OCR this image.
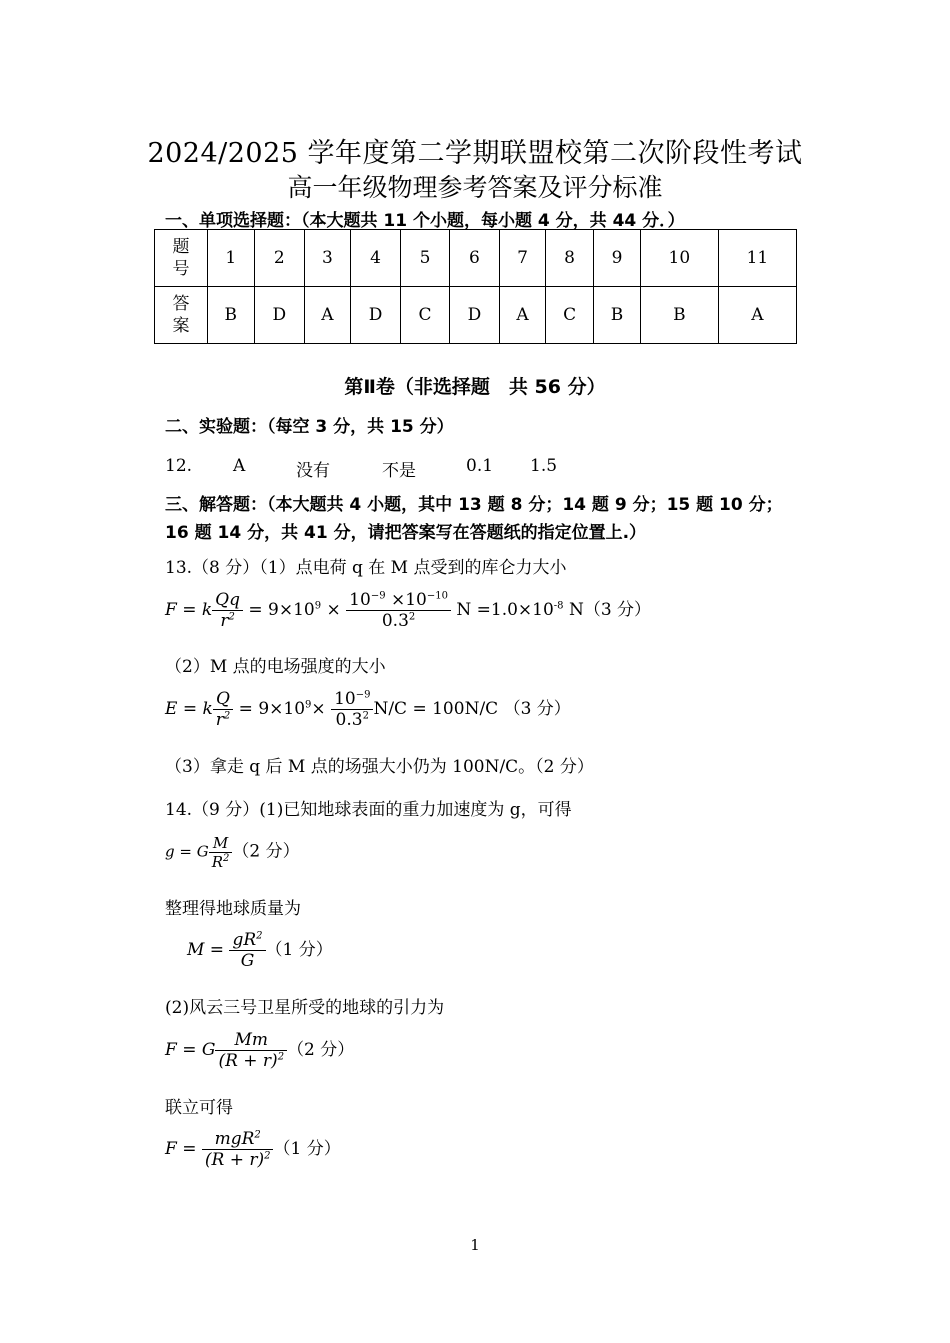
2024/2025 学年度第二学期联盟校第二次阶段性考试
高一年级物理参考答案及评分标准
一、单项选择题：（本大题共 11 个小题，每小题 4 分，共 44 分．）
题号	1	2	3	4	5	6	7	8	9	10	11
答案	B	D	A	D	C	D	A	C	B	B	A
第Ⅱ卷（非选择题　共 56 分）
二、实验题：（每空 3 分，共 15 分）
12. A	没有	不是	0.1 1.5
三、解答题：（本大题共 4 小题，其中 13 题 8 分；14 题 9 分；15 题 10 分；
16 题 14 分，共 41 分，请把答案写在答题纸的指定位置上.）
13.（8 分）（1）点电荷 q 在 M 点受到的库仑力大小
F = k $\frac{Qq}{r^2} = 9\times 10^9 \times \frac{10^{-9} \times 10^{-10}}{0.3^2}$ $N =1.0\times 10^{-8}$ N（3 分）
（2）M 点的电场强度的大小
E = k $\frac{Q}{r^2} = 9\times 10^9\times \frac{10^{-9}}{0.3^2} N/C = 100N/C$ （3 分）
（3）拿走 q 后 M 点的场强大小仍为 100N/C。（2 分）
14.（9 分）(1)已知地球表面的重力加速度为 g，可得
g = G $\frac{M}{R^2} (2$ 分）
整理得地球质量为
$M = \frac{gR^2}{G} (1$ 分）
(2)风云三号卫星所受的地球的引力为
F = G $\frac{Mm}{(R + r)^2} (2$ 分）
联立可得
$F = \frac{mgR^2}{(R + r)^2} (1$ 分）
1
